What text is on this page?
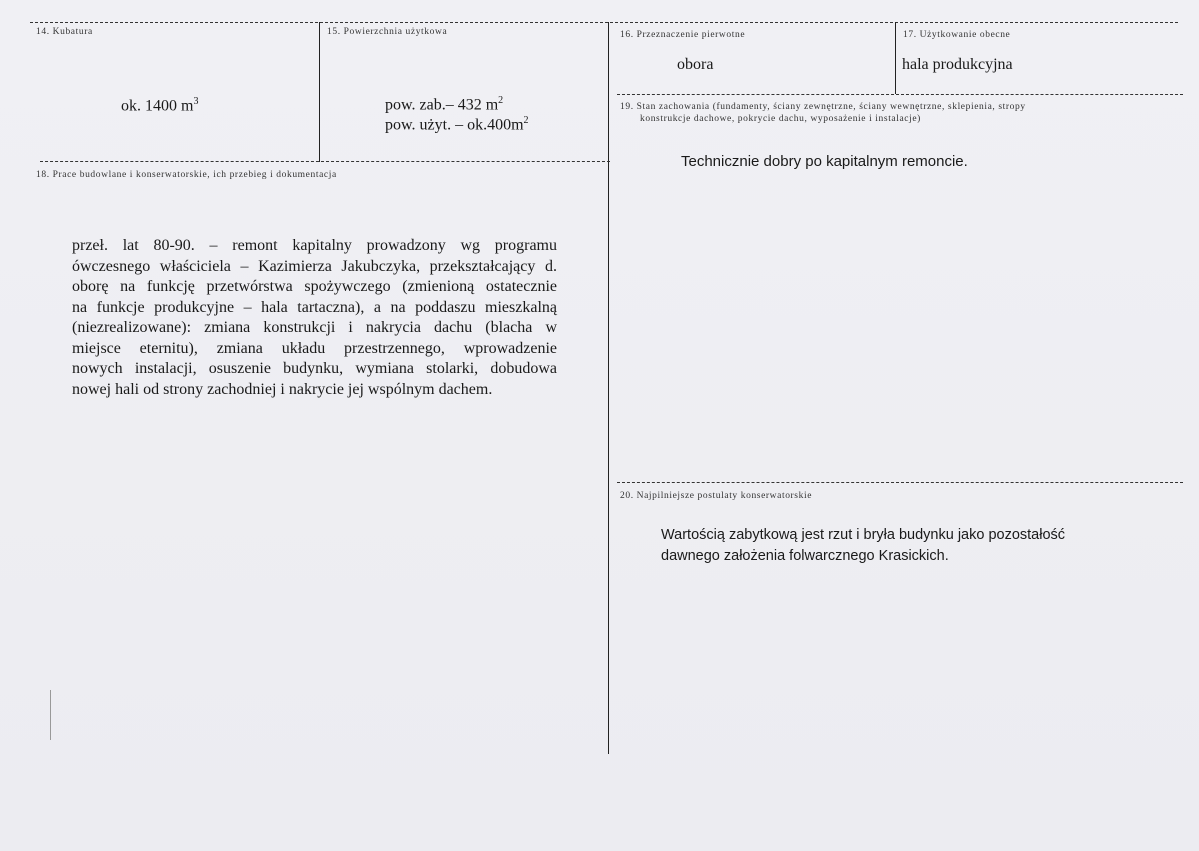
14. Kubatura
ok. 1400 $m^3$
15. Powierzchnia użytkowa
pow. zab.– 432 $m^2$
pow. użyt. – $ok.400m^2$
16. Przeznaczenie pierwotne
obora
17. Użytkowanie obecne
hala produkcyjna
18. Prace budowlane i konserwatorskie, ich przebieg i dokumentacja
przeł. lat 80-90. – remont kapitalny prowadzony wg programu
ówczesnego właściciela – Kazimierza Jakubczyka, przekształcający d.
oborę na funkcję przetwórstwa spożywczego (zmienioną ostatecznie
na funkcje produkcyjne – hala tartaczna), a na poddaszu mieszkalną
(niezrealizowane): zmiana konstrukcji i nakrycia dachu (blacha w
miejsce eternitu), zmiana układu przestrzennego, wprowadzenie
nowych instalacji, osuszenie budynku, wymiana stolarki, dobudowa
nowej hali od strony zachodniej i nakrycie jej wspólnym dachem.
19. Stan zachowania (fundamenty, ściany zewnętrzne, ściany wewnętrzne, sklepienia, stropy
konstrukcje dachowe, pokrycie dachu, wyposażenie i instalacje)
Technicznie dobry po kapitalnym remoncie.
20. Najpilniejsze postulaty konserwatorskie
Wartością zabytkową jest rzut i bryła budynku jako pozostałość
dawnego założenia folwarcznego Krasickich.
